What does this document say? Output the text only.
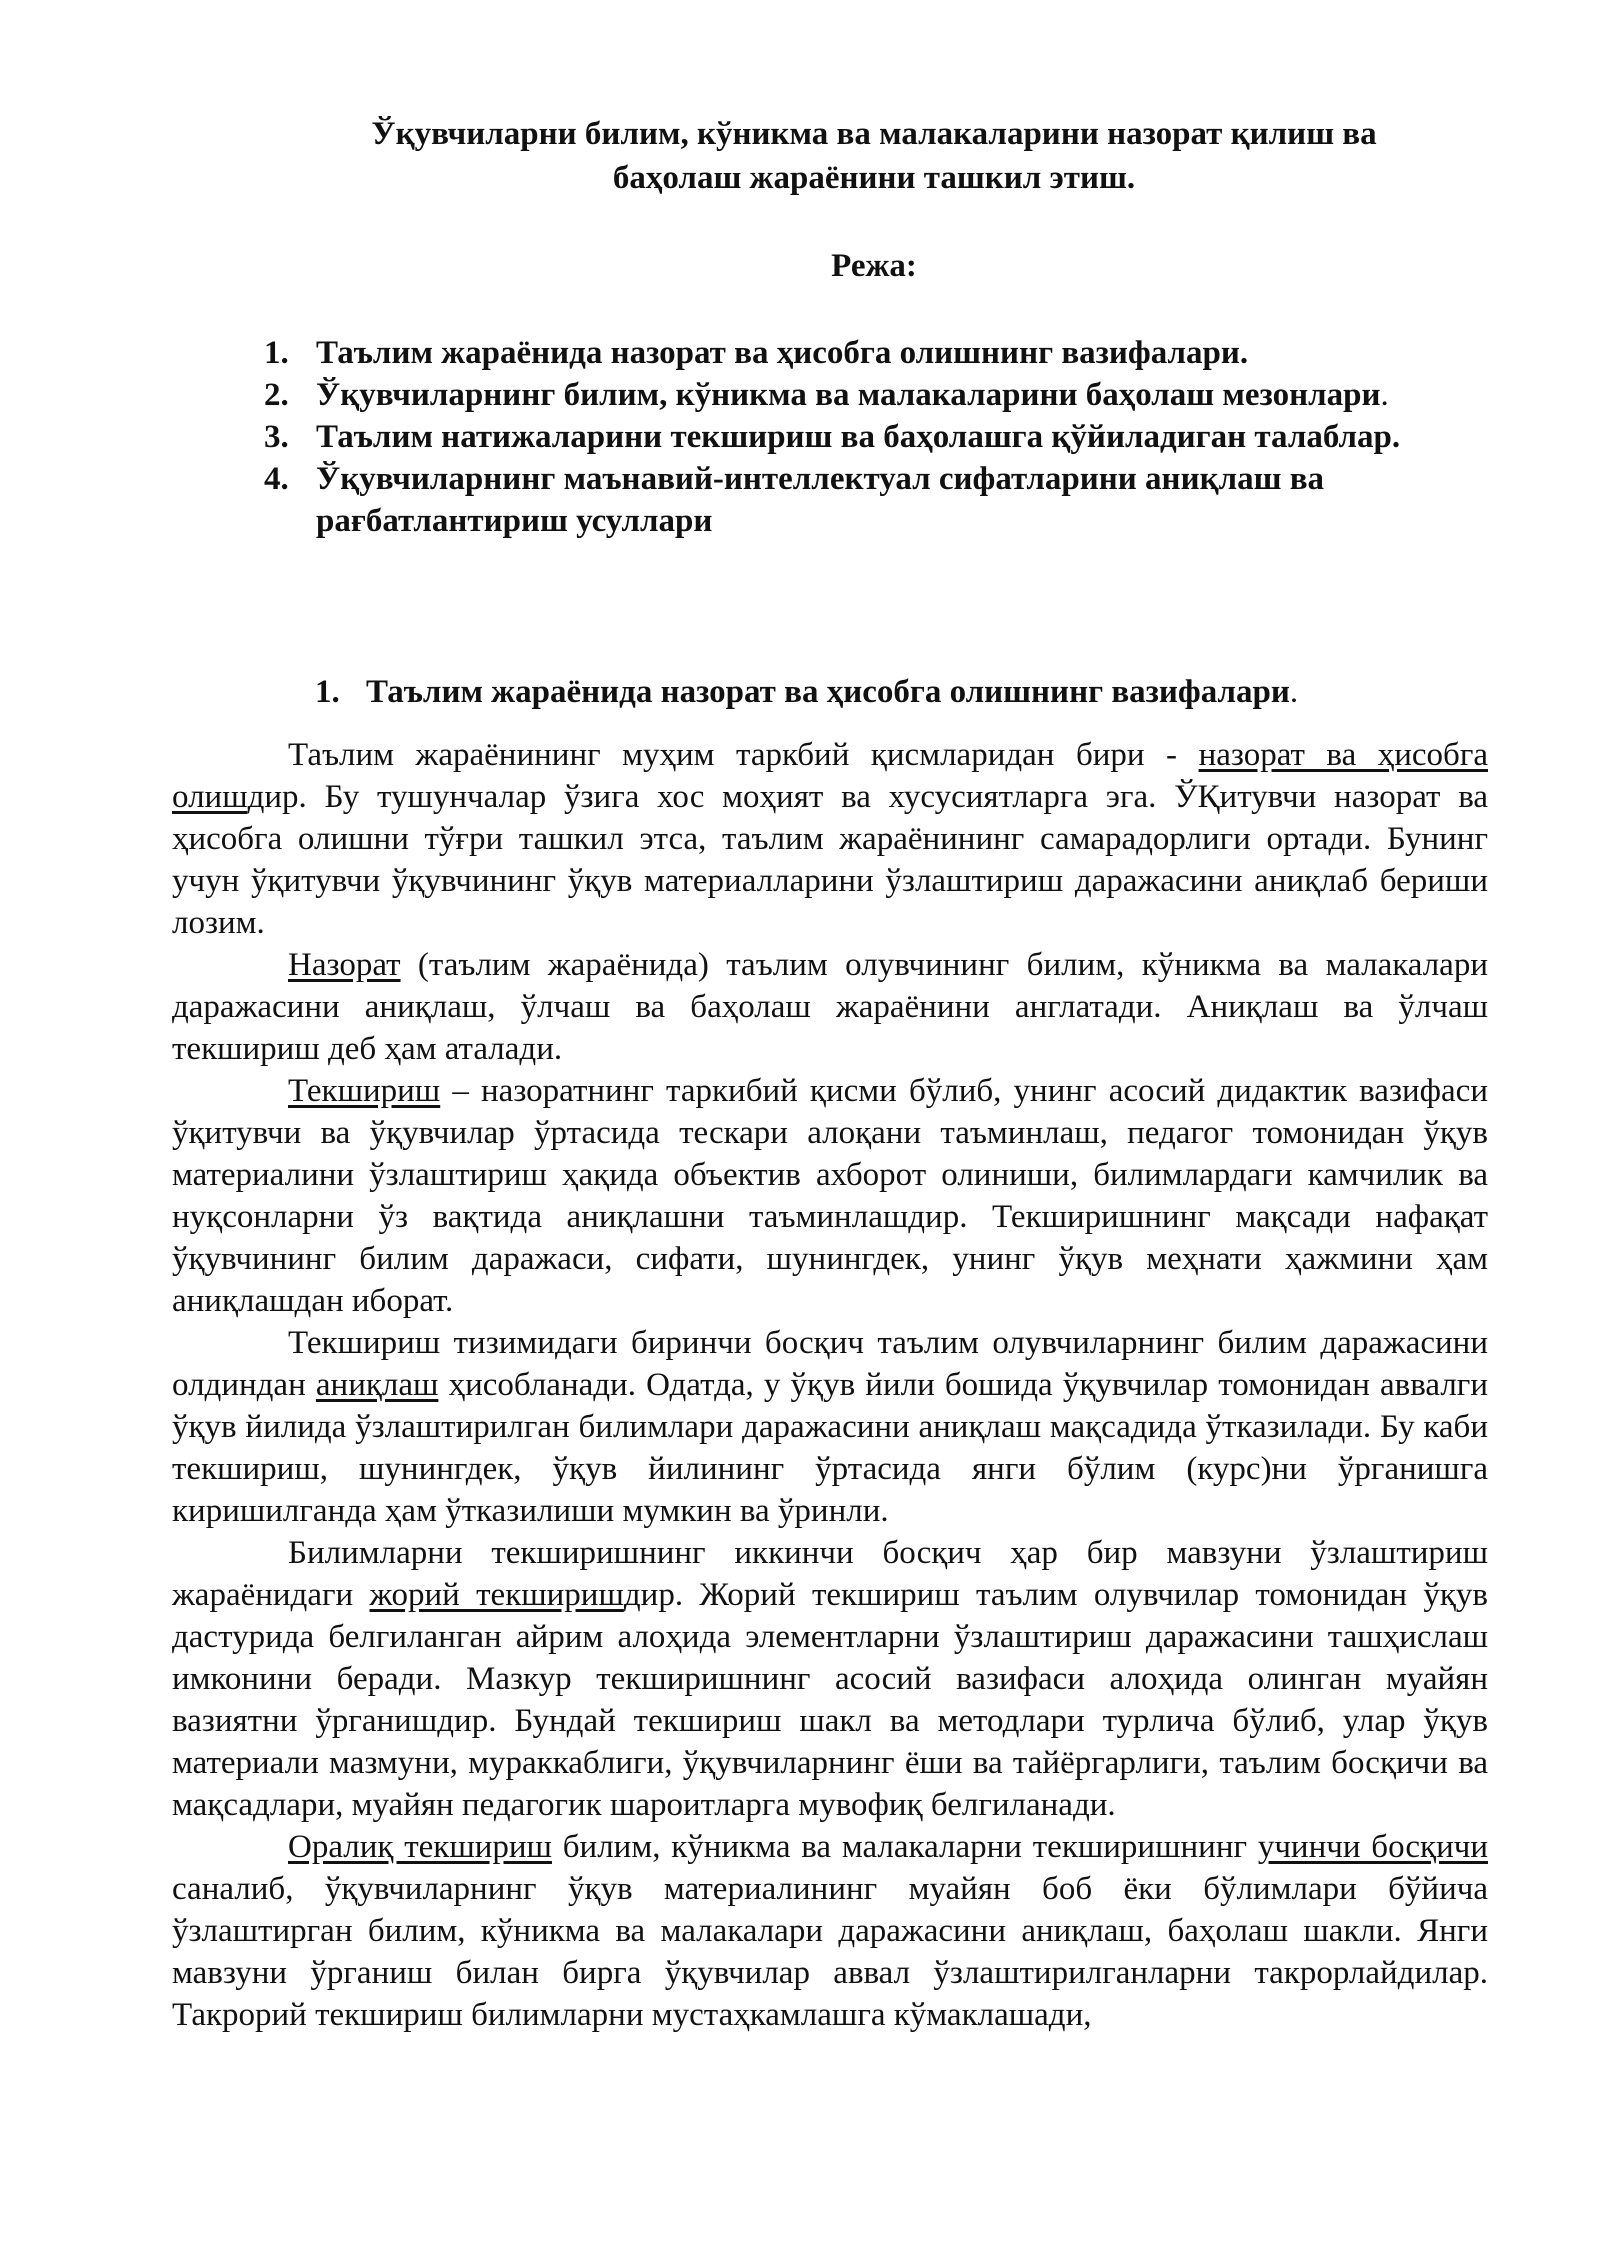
Ўқувчиларни билим, кўникма ва малакаларини назорат қилиш ва
баҳолаш жараёнини ташкил этиш.
Режа:
1. Таълим жараёнида назорат ва ҳисобга олишнинг вазифалари.
2. Ўқувчиларнинг билим, кўникма ва малакаларини баҳолаш мезонлари.
3. Таълим натижаларини текшириш ва баҳолашга қўйиладиган талаблар.
4. Ўқувчиларнинг маънавий-интеллектуал сифатларини аниқлаш ва рағбатлантириш усуллари
1. Таълим жараёнида назорат ва ҳисобга олишнинг вазифалари.

Таълим жараёнининг муҳим таркбий қисмларидан бири - назорат ва ҳисобга олишдир. Бу тушунчалар ўзига хос моҳият ва хусусиятларга эга. ЎҚитувчи назорат ва ҳисобга олишни тўғри ташкил этса, таълим жараёнининг самарадорлиги ортади. Бунинг учун ўқитувчи ўқувчининг ўқув материалларини ўзлаштириш даражасини аниқлаб бериши лозим.

Назорат (таълим жараёнида) таълим олувчининг билим, кўникма ва малакалари даражасини аниқлаш, ўлчаш ва баҳолаш жараёнини англатади. Аниқлаш ва ўлчаш текшириш деб ҳам аталади.

Текшириш – назоратнинг таркибий қисми бўлиб, унинг асосий дидактик вазифаси ўқитувчи ва ўқувчилар ўртасида тескари алоқани таъминлаш, педагог томонидан ўқув материалини ўзлаштириш ҳақида объектив ахборот олиниши, билимлардаги камчилик ва нуқсонларни ўз вақтида аниқлашни таъминлашдир. Текширишнинг мақсади нафақат ўқувчининг билим даражаси, сифати, шунингдек, унинг ўқув меҳнати ҳажмини ҳам аниқлашдан иборат.

Текшириш тизимидаги биринчи босқич таълим олувчиларнинг билим даражасини олдиндан аниқлаш ҳисобланади. Одатда, у ўқув йили бошида ўқувчилар томонидан аввалги ўқув йилида ўзлаштирилган билимлари даражасини аниқлаш мақсадида ўтказилади. Бу каби текшириш, шунингдек, ўқув йилининг ўртасида янги бўлим (курс)ни ўрганишга киришилганда ҳам ўтказилиши мумкин ва ўринли.

Билимларни текширишнинг иккинчи босқич ҳар бир мавзуни ўзлаштириш жараёнидаги жорий текширишдир. Жорий текшириш таълим олувчилар томонидан ўқув дастурида белгиланган айрим алоҳида элементларни ўзлаштириш даражасини ташҳислаш имконини беради. Мазкур текширишнинг асосий вазифаси алоҳида олинган муайян вазиятни ўрганишдир. Бундай текшириш шакл ва методлари турлича бўлиб, улар ўқув материали мазмуни, мураккаблиги, ўқувчиларнинг ёши ва тайёргарлиги, таълим босқичи ва мақсадлари, муайян педагогик шароитларга мувофиқ белгиланади.

Оралиқ текшириш билим, кўникма ва малакаларни текширишнинг учинчи босқичи саналиб, ўқувчиларнинг ўқув материалининг муайян боб ёки бўлимлари бўйича ўзлаштирган билим, кўникма ва малакалари даражасини аниқлаш, баҳолаш шакли. Янги мавзуни ўрганиш билан бирга ўқувчилар аввал ўзлаштирилганларни такрорлайдилар. Такрорий текшириш билимларни мустаҳкамлашга кўмаклашади,
